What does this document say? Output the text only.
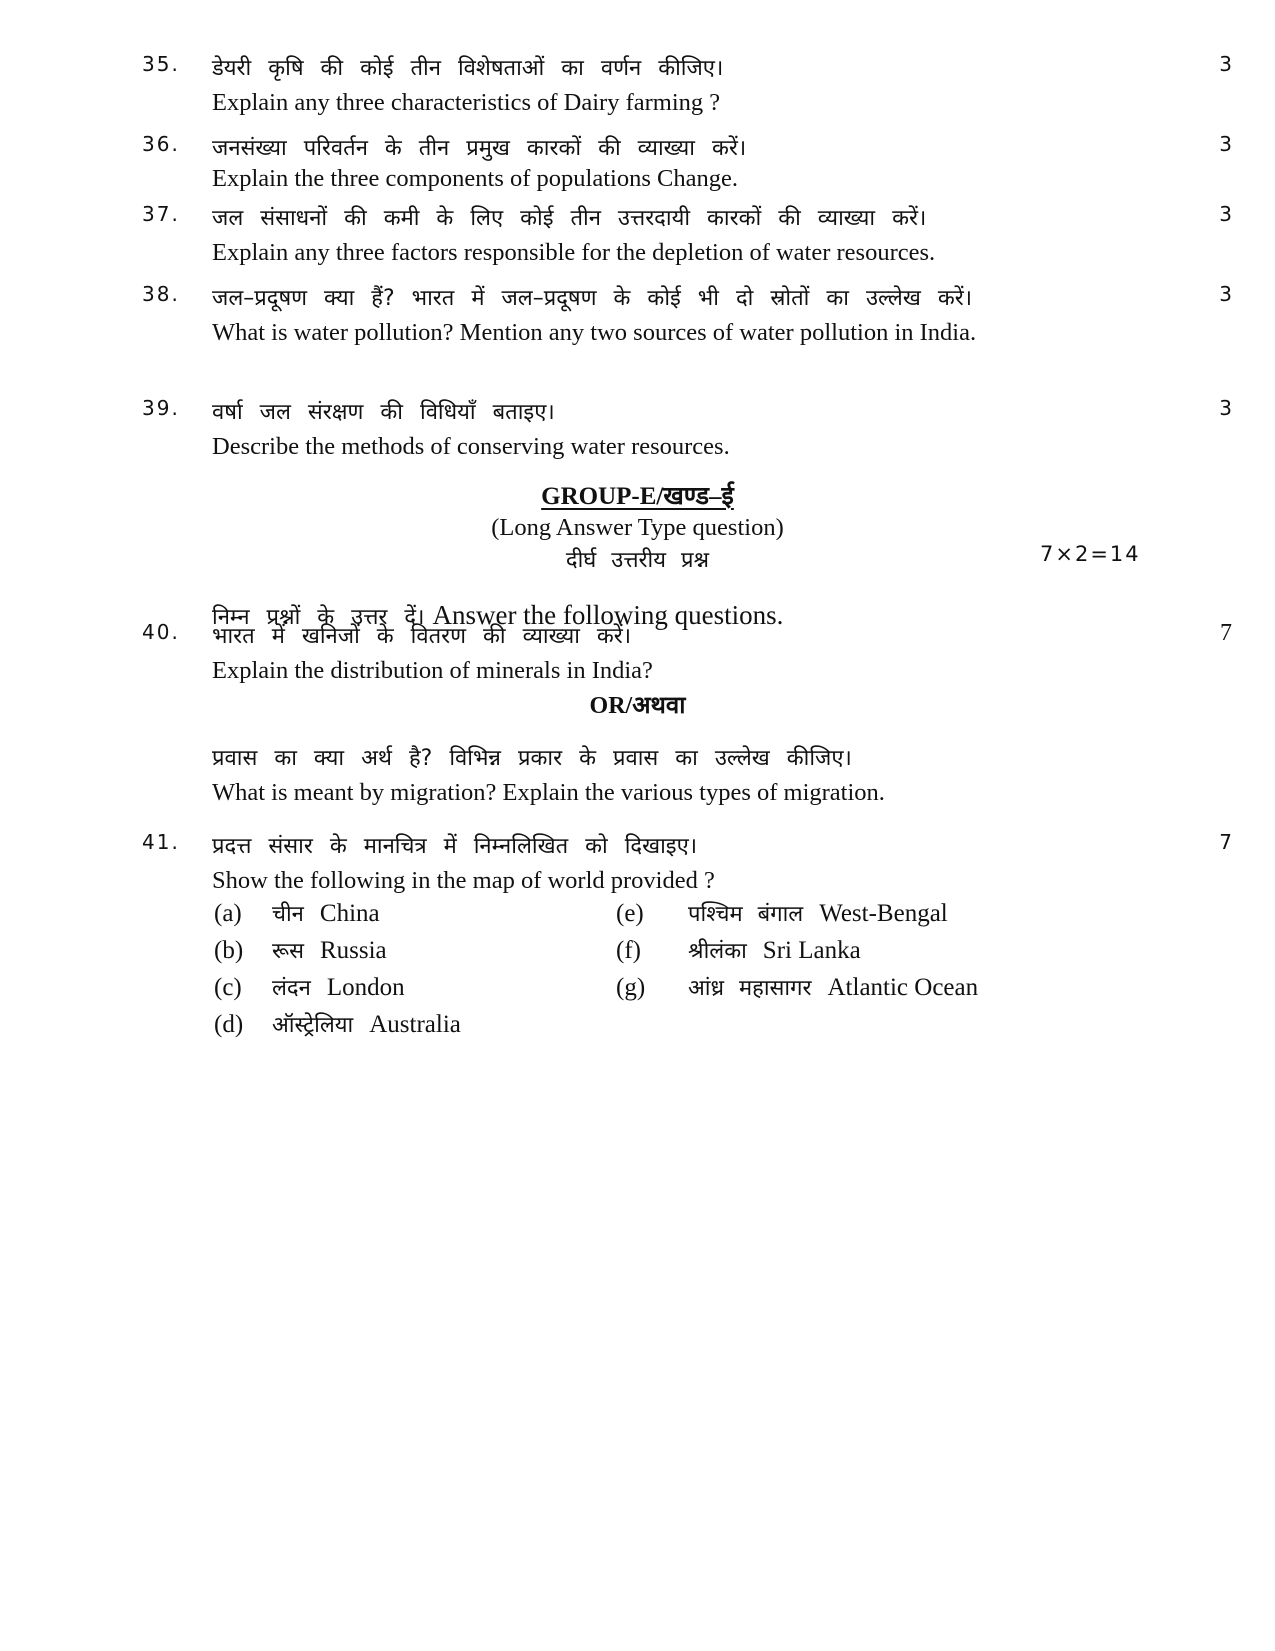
35.	3
डेयरी कृषि की कोई तीन विशेषताओं का वर्णन कीजिए।
Explain any three characteristics of Dairy farming ?
36.	3
जनसंख्या परिवर्तन के तीन प्रमुख कारकों की व्याख्या करें।
Explain the three components of populations Change.
37.	3
जल संसाधनों की कमी के लिए कोई तीन उत्तरदायी कारकों की व्याख्या करें।
Explain any three factors responsible for the depletion of water resources.
38.	3
जल–प्रदूषण क्या हैं? भारत में जल–प्रदूषण के कोई भी दो स्रोतों का उल्लेख करें।
What is water pollution? Mention any two sources of water pollution in India.
39.	3
वर्षा जल संरक्षण की विधियाँ बताइए।
Describe the methods of conserving water resources.
GROUP-E/खण्ड–ई
(Long Answer Type question)
दीर्घ उत्तरीय प्रश्न	7×2=14
निम्न प्रश्नों के उत्तर दें। Answer the following questions.
40.	7
भारत में खनिजों के वितरण की व्याख्या करें।
Explain the distribution of minerals in India?
OR/अथवा
प्रवास का क्या अर्थ है? विभिन्न प्रकार के प्रवास का उल्लेख कीजिए।
What is meant by migration? Explain the various types of migration.
41.	7
प्रदत्त संसार के मानचित्र में निम्नलिखित को दिखाइए।
Show the following in the map of world provided ?
(a) चीन China
(b) रूस Russia
(c) लंदन London
(d) ऑस्ट्रेलिया Australia
(e) पश्चिम बंगाल West-Bengal
(f) श्रीलंका Sri Lanka
(g) आंध्र महासागर Atlantic Ocean
